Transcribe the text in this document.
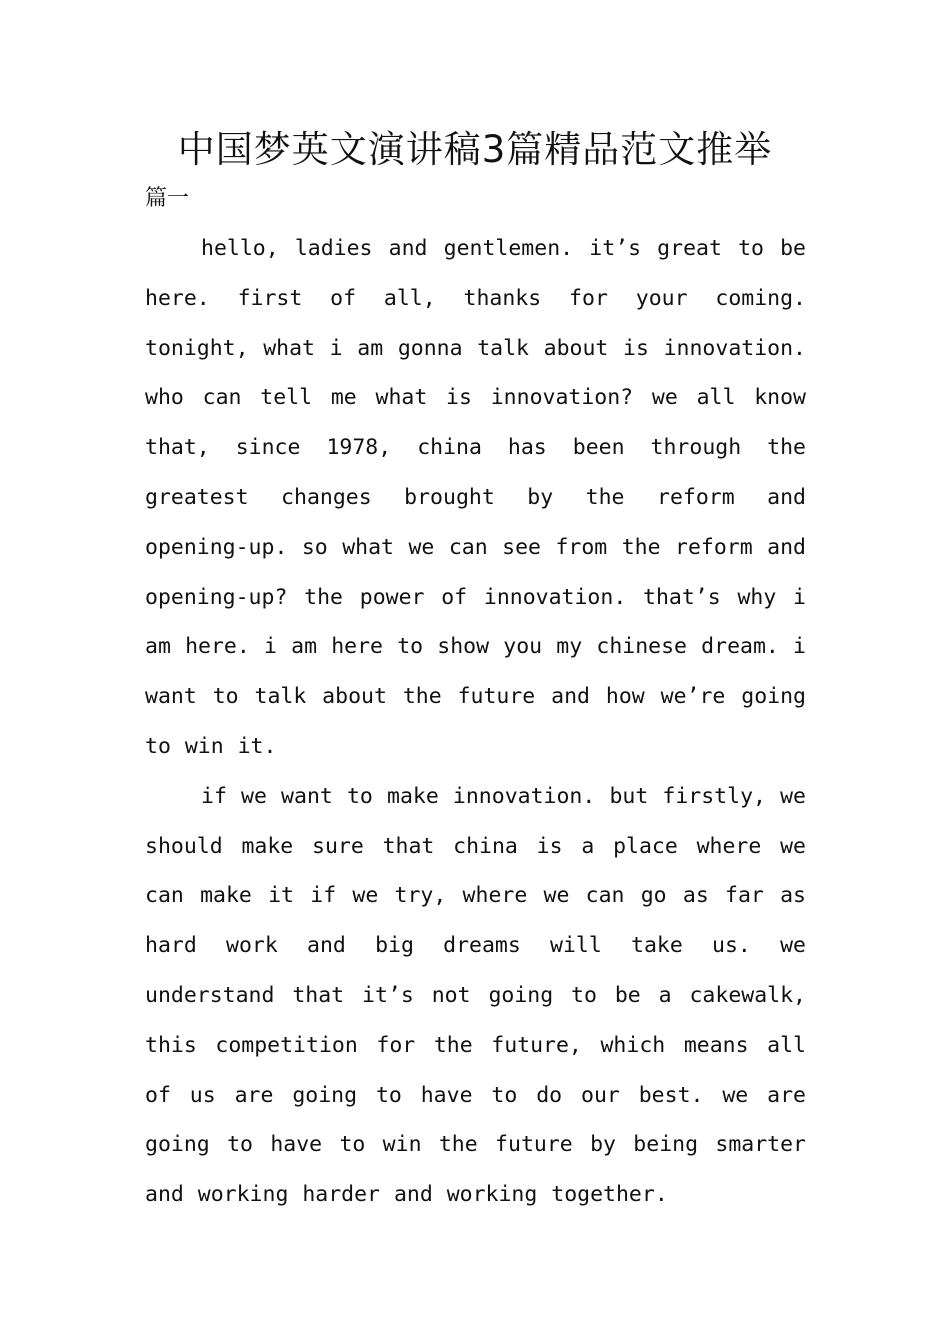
中国梦英文演讲稿3篇精品范文推举
篇一

hello, ladies and gentlemen. it’s great to be here. first of all, thanks for your coming. tonight, what i am gonna talk about is innovation. who can tell me what is innovation? we all know that, since 1978, china has been through the greatest changes brought by the reform and opening-up. so what we can see from the reform and opening-up? the power of innovation. that’s why i am here. i am here to show you my chinese dream. i want to talk about the future and how we’re going to win it.

if we want to make innovation. but firstly, we should make sure that china is a place where we can make it if we try, where we can go as far as hard work and big dreams will take us. we understand that it’s not going to be a cakewalk, this competition for the future, which means all of us are going to have to do our best. we are going to have to win the future by being smarter and working harder and working together.
